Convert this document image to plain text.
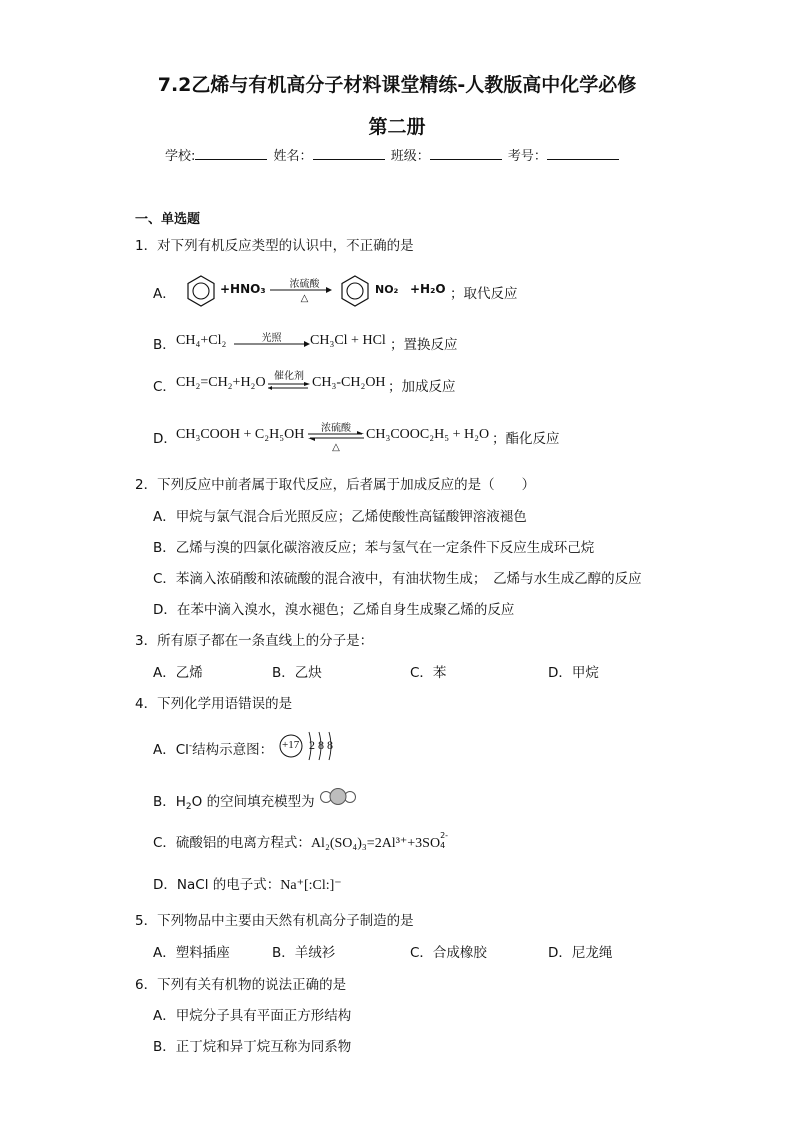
7.2乙烯与有机高分子材料课堂精练-人教版高中化学必修
第二册
学校:	姓名：	班级：	考号：
一、单选题
1．对下列有机反应类型的认识中，不正确的是
A．	+HNO₃	浓硫酸
△
NO₂ +H₂O ；取代反应
B． CH₄+Cl₂	光照	CH₃Cl + HCl ；置换反应
C． CH₂=CH₂+H₂O 催化剂 ⇌ CH₃-CH₂OH ；加成反应
D． CH₃COOH + C₂H₅OH	浓硫酸
△
CH₃COOC₂H₅ + H₂O ；酯化反应
2．下列反应中前者属于取代反应，后者属于加成反应的是（　　）
A．甲烷与氯气混合后光照反应；乙烯使酸性高锰酸钾溶液褪色
B．乙烯与溴的四氯化碳溶液反应；苯与氢气在一定条件下反应生成环己烷
C．苯滴入浓硝酸和浓硫酸的混合液中，有油状物生成；　乙烯与水生成乙醇的反应
D．在苯中滴入溴水，溴水褪色；乙烯自身生成聚乙烯的反应
3．所有原子都在一条直线上的分子是：
A．乙烯	B．乙炔	C．苯	D．甲烷
4．下列化学用语错误的是
A．Cl-结构示意图： +17 2 8 8
B．$H_2O$ 的空间填充模型为
C．硫酸铝的电离方程式：Al₂(SO₄)₃=2Al³⁺+3SO
2-
4
D．NaCl 的电子式：Na⁺[:Cl:]⁻
5．下列物品中主要由天然有机高分子制造的是
A．塑料插座	B．羊绒衫	C．合成橡胶	D．尼龙绳
6．下列有关有机物的说法正确的是
A．甲烷分子具有平面正方形结构
B．正丁烷和异丁烷互称为同系物
